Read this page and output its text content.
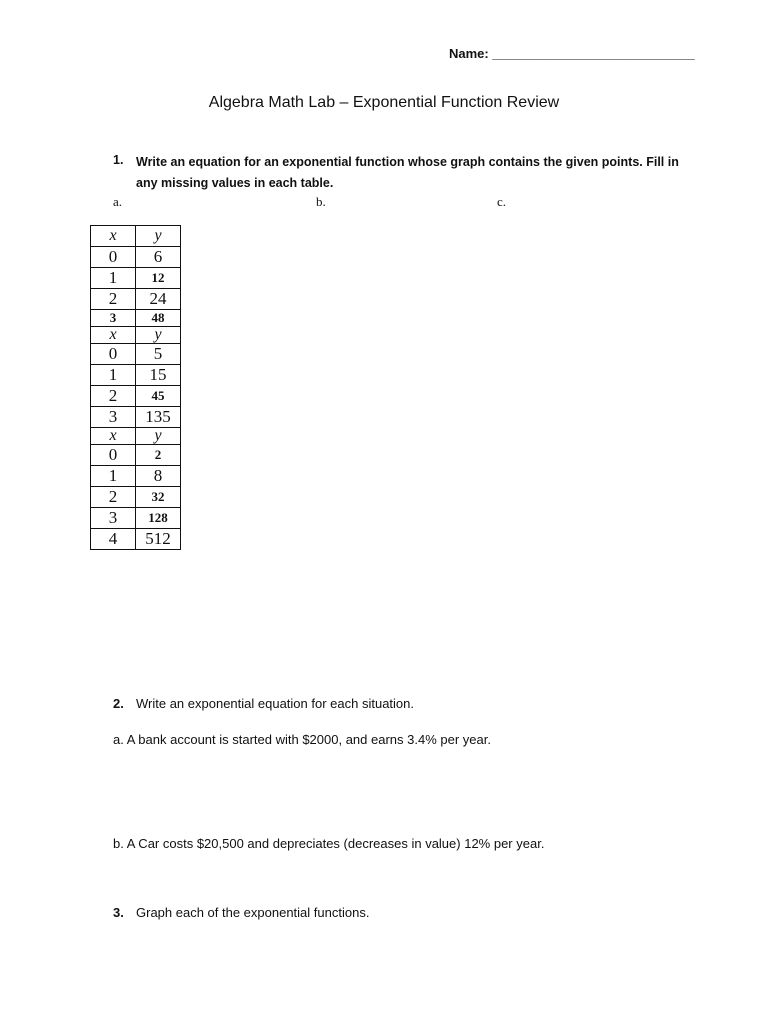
Name: ____________________________
Algebra Math Lab – Exponential Function Review
1. Write an equation for an exponential function whose graph contains the given points. Fill in any missing values in each table.
a.	b.	c.
x	y
0	6
1	12
2	24
3	48
x	y
0	5
1	15
2	45
3	135
x	y
0	2
1	8
2	32
3	128
4	512
2. Write an exponential equation for each situation.
a. A bank account is started with $2000, and earns 3.4% per year.
b. A Car costs $20,500 and depreciates (decreases in value) 12% per year.
3. Graph each of the exponential functions.
